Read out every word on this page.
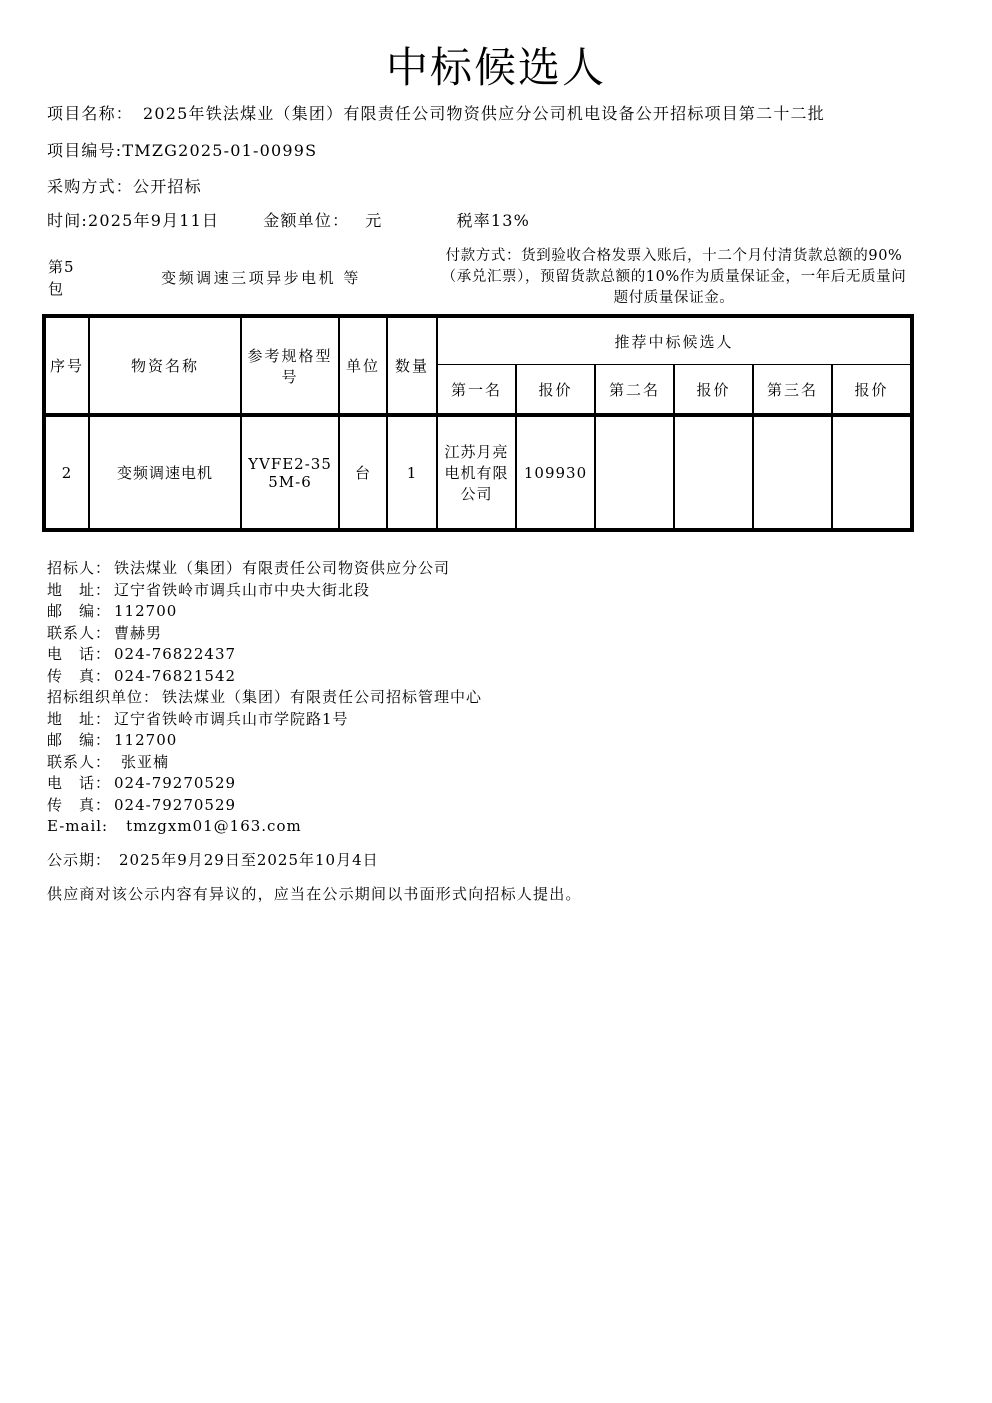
中标候选人
项目名称： 2025年铁法煤业（集团）有限责任公司物资供应分公司机电设备公开招标项目第二十二批
项目编号:TMZG2025-01-0099S
采购方式：公开招标
时间:2025年9月11日	金额单位： 元	税率13%
第5包
变频调速三项异步电机 等
付款方式：货到验收合格发票入账后，十二个月付清货款总额的90%（承兑汇票），预留货款总额的10%作为质量保证金，一年后无质量问题付质量保证金。
序号	物资名称	参考规格型号	单位	数量	推荐中标候选人					
					第一名	报价	第二名	报价	第三名	报价
2	变频调速电机	YVFE2-355M-6	台	1	江苏月亮电机有限公司	109930				
招标人： 铁法煤业（集团）有限责任公司物资供应分公司
地　址： 辽宁省铁岭市调兵山市中央大街北段
邮　编： 112700
联系人： 曹赫男
电　话： 024-76822437
传　真： 024-76821542
招标组织单位： 铁法煤业（集团）有限责任公司招标管理中心
地　址： 辽宁省铁岭市调兵山市学院路1号
邮　编： 112700
联系人： 张亚楠
电　话： 024-79270529
传　真： 024-79270529
E-mail: tmzgxm01@163.com
公示期： 2025年9月29日至2025年10月4日
供应商对该公示内容有异议的，应当在公示期间以书面形式向招标人提出。
